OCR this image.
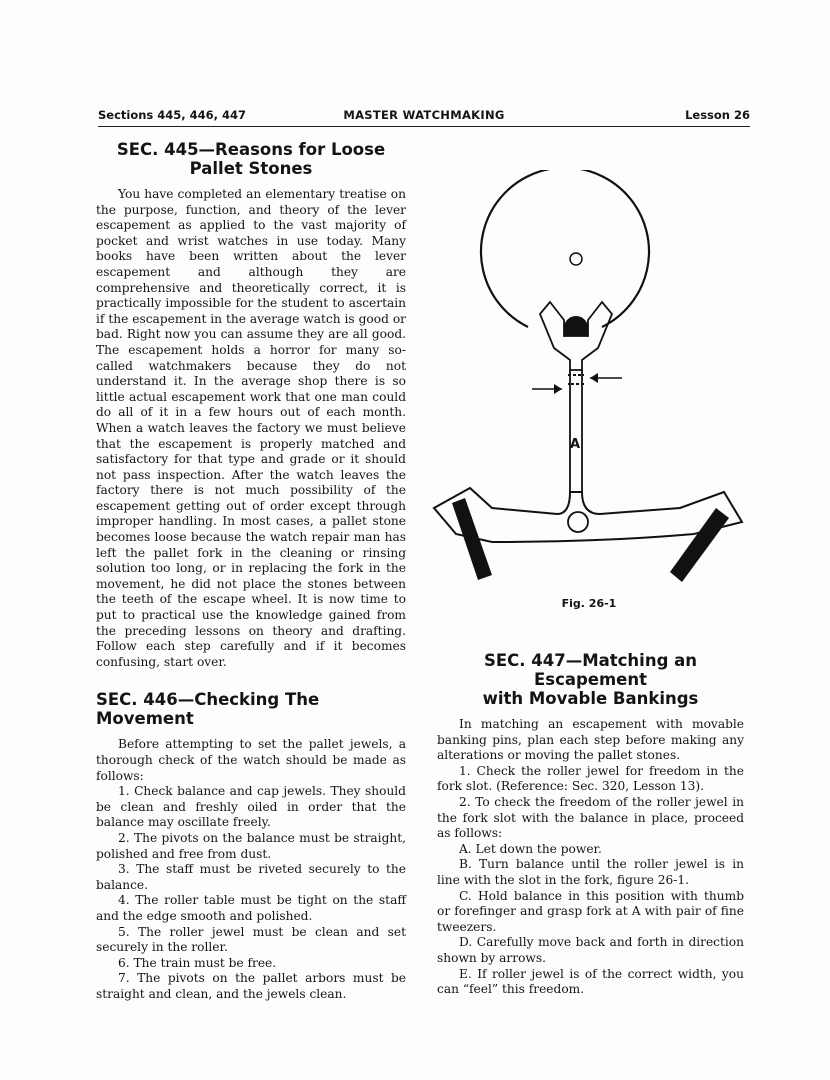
Sections 445, 446, 447	MASTER WATCHMAKING	Lesson 26
SEC. 445—Reasons for Loose
Pallet Stones

You have completed an elementary treatise on the purpose, function, and theory of the lever escapement as applied to the vast majority of pocket and wrist watches in use today. Many books have been written about the lever escapement and although they are comprehensive and theoretically correct, it is practically impossible for the student to ascertain if the escapement in the average watch is good or bad. Right now you can assume they are all good. The escapement holds a horror for many so-called watchmakers because they do not understand it. In the average shop there is so little actual escapement work that one man could do all of it in a few hours out of each month. When a watch leaves the factory we must believe that the escapement is properly matched and satisfactory for that type and grade or it should not pass inspection. After the watch leaves the factory there is not much possibility of the escapement getting out of order except through improper handling. In most cases, a pallet stone becomes loose because the watch repair man has left the pallet fork in the cleaning or rinsing solution too long, or in replacing the fork in the movement, he did not place the stones between the teeth of the escape wheel. It is now time to put to practical use the knowledge gained from the preceding lessons on theory and drafting. Follow each step carefully and if it becomes confusing, start over.

SEC. 446—Checking The Movement

Before attempting to set the pallet jewels, a thorough check of the watch should be made as follows:

1. Check balance and cap jewels. They should be clean and freshly oiled in order that the balance may oscillate freely.

2. The pivots on the balance must be straight, polished and free from dust.

3. The staff must be riveted securely to the balance.

4. The roller table must be tight on the staff and the edge smooth and polished.

5. The roller jewel must be clean and set securely in the roller.

6. The train must be free.

7. The pivots on the pallet arbors must be straight and clean, and the jewels clean.

A
Fig. 26-1
SEC. 447—Matching an Escapement
with Movable Bankings

In matching an escapement with movable banking pins, plan each step before making any alterations or moving the pallet stones.

1. Check the roller jewel for freedom in the fork slot. (Reference: Sec. 320, Lesson 13).

2. To check the freedom of the roller jewel in the fork slot with the balance in place, proceed as follows:

A. Let down the power.

B. Turn balance until the roller jewel is in line with the slot in the fork, figure 26-1.

C. Hold balance in this position with thumb or forefinger and grasp fork at A with pair of fine tweezers.

D. Carefully move back and forth in direction shown by arrows.

E. If roller jewel is of the correct width, you can “feel” this freedom.
